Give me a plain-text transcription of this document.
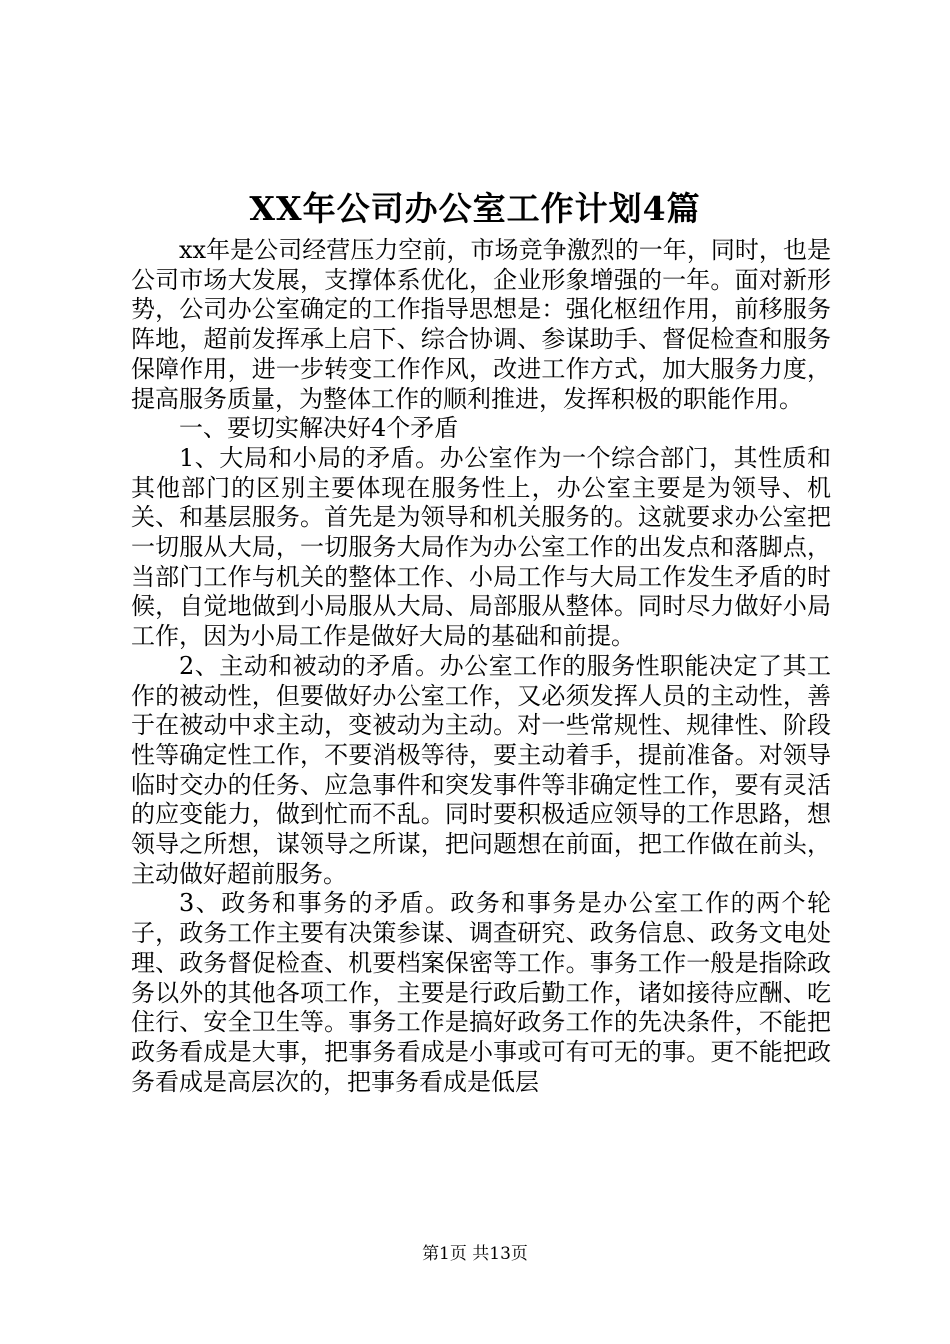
XX年公司办公室工作计划4篇

xx年是公司经营压力空前，市场竞争激烈的一年，同时，也是公司市场大发展，支撑体系优化，企业形象增强的一年。面对新形势，公司办公室确定的工作指导思想是：强化枢纽作用，前移服务阵地，超前发挥承上启下、综合协调、参谋助手、督促检查和服务保障作用，进一步转变工作作风，改进工作方式，加大服务力度，提高服务质量，为整体工作的顺利推进，发挥积极的职能作用。

一、要切实解决好4个矛盾

1、大局和小局的矛盾。办公室作为一个综合部门，其性质和其他部门的区别主要体现在服务性上，办公室主要是为领导、机关、和基层服务。首先是为领导和机关服务的。这就要求办公室把一切服从大局，一切服务大局作为办公室工作的出发点和落脚点，当部门工作与机关的整体工作、小局工作与大局工作发生矛盾的时候，自觉地做到小局服从大局、局部服从整体。同时尽力做好小局工作，因为小局工作是做好大局的基础和前提。

2、主动和被动的矛盾。办公室工作的服务性职能决定了其工作的被动性，但要做好办公室工作，又必须发挥人员的主动性，善于在被动中求主动，变被动为主动。对一些常规性、规律性、阶段性等确定性工作，不要消极等待，要主动着手，提前准备。对领导临时交办的任务、应急事件和突发事件等非确定性工作，要有灵活的应变能力，做到忙而不乱。同时要积极适应领导的工作思路，想领导之所想，谋领导之所谋，把问题想在前面，把工作做在前头，主动做好超前服务。

3、政务和事务的矛盾。政务和事务是办公室工作的两个轮子，政务工作主要有决策参谋、调查研究、政务信息、政务文电处理、政务督促检查、机要档案保密等工作。事务工作一般是指除政务以外的其他各项工作，主要是行政后勤工作，诸如接待应酬、吃住行、安全卫生等。事务工作是搞好政务工作的先决条件，不能把政务看成是大事，把事务看成是小事或可有可无的事。更不能把政务看成是高层次的，把事务看成是低层

第1页 共13页
